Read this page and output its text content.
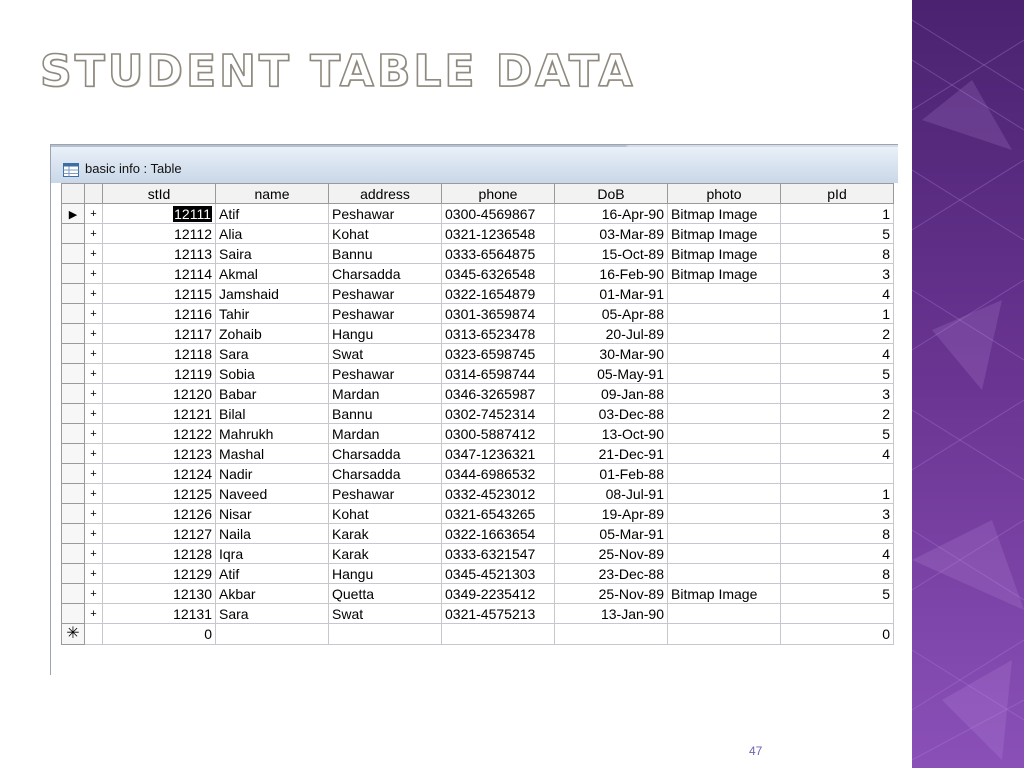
STUDENT TABLE DATA
basic info : Table
		stId	name	address	phone	DoB	photo	pId
▶	+	12111	Atif	Peshawar	0300-4569867	16-Apr-90	Bitmap Image	1
	+	12112	Alia	Kohat	0321-1236548	03-Mar-89	Bitmap Image	5
	+	12113	Saira	Bannu	0333-6564875	15-Oct-89	Bitmap Image	8
	+	12114	Akmal	Charsadda	0345-6326548	16-Feb-90	Bitmap Image	3
	+	12115	Jamshaid	Peshawar	0322-1654879	01-Mar-91		4
	+	12116	Tahir	Peshawar	0301-3659874	05-Apr-88		1
	+	12117	Zohaib	Hangu	0313-6523478	20-Jul-89		2
	+	12118	Sara	Swat	0323-6598745	30-Mar-90		4
	+	12119	Sobia	Peshawar	0314-6598744	05-May-91		5
	+	12120	Babar	Mardan	0346-3265987	09-Jan-88		3
	+	12121	Bilal	Bannu	0302-7452314	03-Dec-88		2
	+	12122	Mahrukh	Mardan	0300-5887412	13-Oct-90		5
	+	12123	Mashal	Charsadda	0347-1236321	21-Dec-91		4
	+	12124	Nadir	Charsadda	0344-6986532	01-Feb-88		
	+	12125	Naveed	Peshawar	0332-4523012	08-Jul-91		1
	+	12126	Nisar	Kohat	0321-6543265	19-Apr-89		3
	+	12127	Naila	Karak	0322-1663654	05-Mar-91		8
	+	12128	Iqra	Karak	0333-6321547	25-Nov-89		4
	+	12129	Atif	Hangu	0345-4521303	23-Dec-88		8
	+	12130	Akbar	Quetta	0349-2235412	25-Nov-89	Bitmap Image	5
	+	12131	Sara	Swat	0321-4575213	13-Jan-90		
✳		0						0
47
